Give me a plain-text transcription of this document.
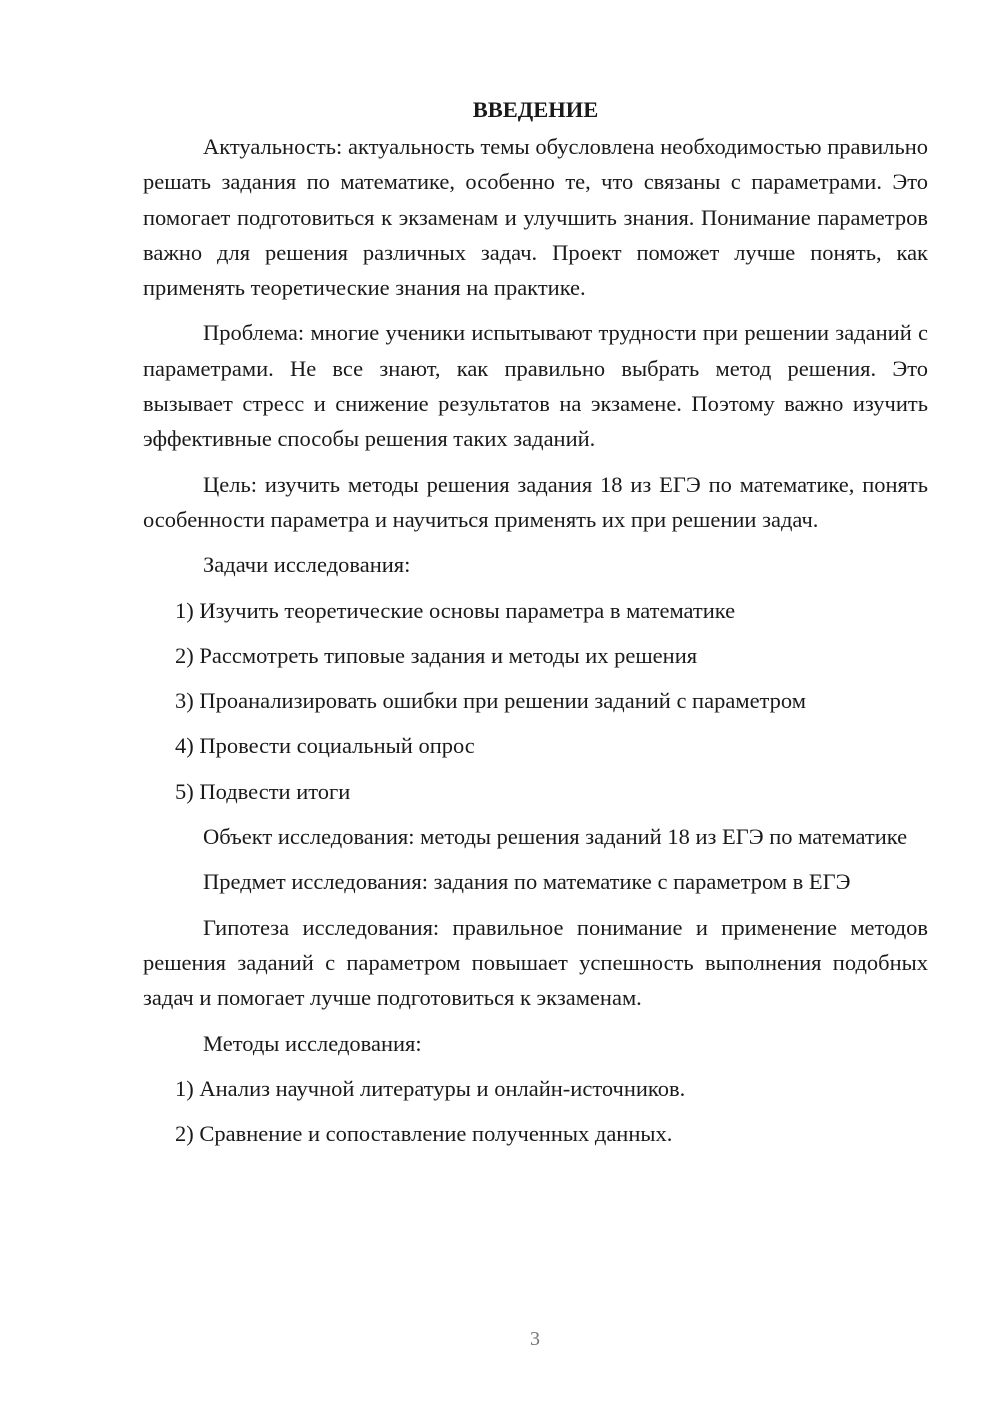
ВВЕДЕНИЕ

Актуальность: актуальность темы обусловлена необходимостью правильно решать задания по математике, особенно те, что связаны с параметрами. Это помогает подготовиться к экзаменам и улучшить знания. Понимание параметров важно для решения различных задач. Проект поможет лучше понять, как применять теоретические знания на практике.

Проблема: многие ученики испытывают трудности при решении заданий с параметрами. Не все знают, как правильно выбрать метод решения. Это вызывает стресс и снижение результатов на экзамене. Поэтому важно изучить эффективные способы решения таких заданий.

Цель: изучить методы решения задания 18 из ЕГЭ по математике, понять особенности параметра и научиться применять их при решении задач.

Задачи исследования:

1) Изучить теоретические основы параметра в математике

2) Рассмотреть типовые задания и методы их решения

3) Проанализировать ошибки при решении заданий с параметром

4) Провести социальный опрос

5) Подвести итоги

Объект исследования: методы решения заданий 18 из ЕГЭ по математике

Предмет исследования: задания по математике с параметром в ЕГЭ

Гипотеза исследования: правильное понимание и применение методов решения заданий с параметром повышает успешность выполнения подобных задач и помогает лучше подготовиться к экзаменам.

Методы исследования:

1) Анализ научной литературы и онлайн-источников.

2) Сравнение и сопоставление полученных данных.

3
